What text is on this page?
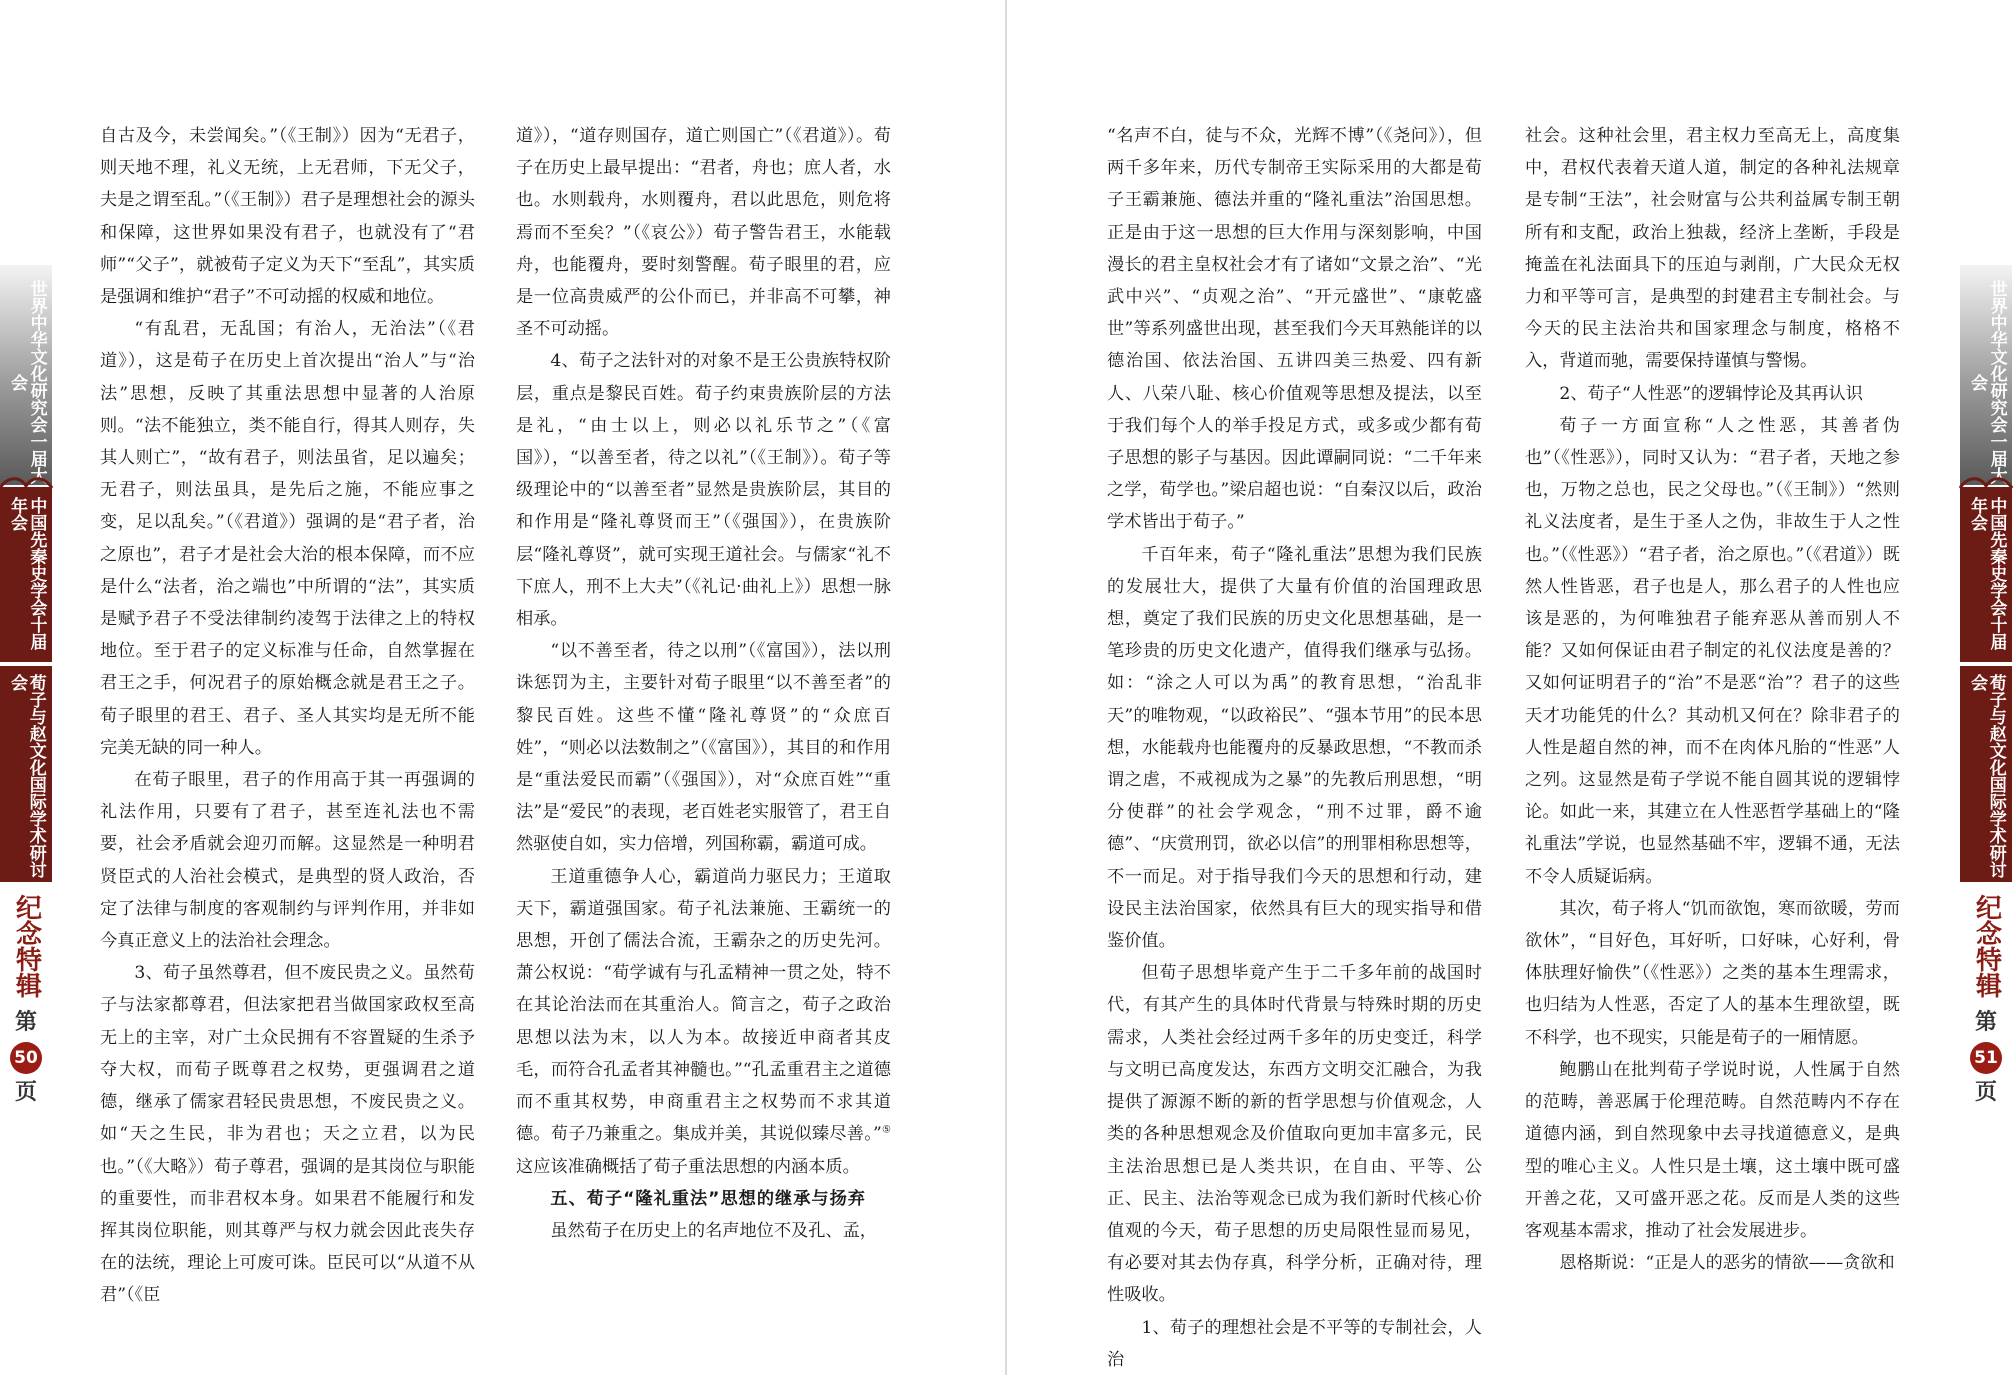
世界中华文化研究会一届大会
中国先秦史学会十届年会
荀子与赵文化国际学术研讨会
纪念特辑
第
50
页

自古及今，未尝闻矣。”（《王制》）因为“无君子，则天地不理，礼义无统，上无君师，下无父子，夫是之谓至乱。”（《王制》）君子是理想社会的源头和保障，这世界如果没有君子，也就没有了“君师”“父子”，就被荀子定义为天下“至乱”，其实质是强调和维护“君子”不可动摇的权威和地位。

“有乱君，无乱国；有治人，无治法”（《君道》），这是荀子在历史上首次提出“治人”与“治法”思想，反映了其重法思想中显著的人治原则。“法不能独立，类不能自行，得其人则存，失其人则亡”，“故有君子，则法虽省，足以遍矣；无君子，则法虽具，是先后之施，不能应事之变，足以乱矣。”（《君道》）强调的是“君子者，治之原也”，君子才是社会大治的根本保障，而不应是什么“法者，治之端也”中所谓的“法”，其实质是赋予君子不受法律制约凌驾于法律之上的特权地位。至于君子的定义标准与任命，自然掌握在君王之手，何况君子的原始概念就是君王之子。荀子眼里的君王、君子、圣人其实均是无所不能完美无缺的同一种人。

在荀子眼里，君子的作用高于其一再强调的礼法作用，只要有了君子，甚至连礼法也不需要，社会矛盾就会迎刃而解。这显然是一种明君贤臣式的人治社会模式，是典型的贤人政治，否定了法律与制度的客观制约与评判作用，并非如今真正意义上的法治社会理念。

3、荀子虽然尊君，但不废民贵之义。虽然荀子与法家都尊君，但法家把君当做国家政权至高无上的主宰，对广土众民拥有不容置疑的生杀予夺大权，而荀子既尊君之权势，更强调君之道德，继承了儒家君轻民贵思想，不废民贵之义。如“天之生民，非为君也；天之立君，以为民也。”（《大略》）荀子尊君，强调的是其岗位与职能的重要性，而非君权本身。如果君不能履行和发挥其岗位职能，则其尊严与权力就会因此丧失存在的法统，理论上可废可诛。臣民可以“从道不从君”（《臣

道》），“道存则国存，道亡则国亡”（《君道》）。荀子在历史上最早提出：“君者，舟也；庶人者，水也。水则载舟，水则覆舟，君以此思危，则危将焉而不至矣？”（《哀公》）荀子警告君王，水能载舟，也能覆舟，要时刻警醒。荀子眼里的君，应是一位高贵威严的公仆而已，并非高不可攀，神圣不可动摇。

4、荀子之法针对的对象不是王公贵族特权阶层，重点是黎民百姓。荀子约束贵族阶层的方法是礼，“由士以上，则必以礼乐节之”（《富国》），“以善至者，待之以礼”（《王制》）。荀子等级理论中的“以善至者”显然是贵族阶层，其目的和作用是“隆礼尊贤而王”（《强国》），在贵族阶层“隆礼尊贤”，就可实现王道社会。与儒家“礼不下庶人，刑不上大夫”（《礼记·曲礼上》）思想一脉相承。

“以不善至者，待之以刑”（《富国》），法以刑诛惩罚为主，主要针对荀子眼里“以不善至者”的黎民百姓。这些不懂“隆礼尊贤”的“众庶百姓”，“则必以法数制之”（《富国》），其目的和作用是“重法爱民而霸”（《强国》），对“众庶百姓”“重法”是“爱民”的表现，老百姓老实服管了，君王自然驱使自如，实力倍增，列国称霸，霸道可成。

王道重德争人心，霸道尚力驱民力；王道取天下，霸道强国家。荀子礼法兼施、王霸统一的思想，开创了儒法合流，王霸杂之的历史先河。萧公权说：“荀学诚有与孔孟精神一贯之处，特不在其论治法而在其重治人。简言之，荀子之政治思想以法为末，以人为本。故接近申商者其皮毛，而符合孔孟者其神髓也。”“孔孟重君主之道德而不重其权势，申商重君主之权势而不求其道德。荀子乃兼重之。集成并美，其说似臻尽善。”⑤这应该准确概括了荀子重法思想的内涵本质。

五、荀子“隆礼重法”思想的继承与扬弃

虽然荀子在历史上的名声地位不及孔、孟，

“名声不白，徒与不众，光辉不博”（《尧问》），但两千多年来，历代专制帝王实际采用的大都是荀子王霸兼施、德法并重的“隆礼重法”治国思想。正是由于这一思想的巨大作用与深刻影响，中国漫长的君主皇权社会才有了诸如“文景之治”、“光武中兴”、“贞观之治”、“开元盛世”、“康乾盛世”等系列盛世出现，甚至我们今天耳熟能详的以德治国、依法治国、五讲四美三热爱、四有新人、八荣八耻、核心价值观等思想及提法，以至于我们每个人的举手投足方式，或多或少都有荀子思想的影子与基因。因此谭嗣同说：“二千年来之学，荀学也。”梁启超也说：“自秦汉以后，政治学术皆出于荀子。”

千百年来，荀子“隆礼重法”思想为我们民族的发展壮大，提供了大量有价值的治国理政思想，奠定了我们民族的历史文化思想基础，是一笔珍贵的历史文化遗产，值得我们继承与弘扬。如：“涂之人可以为禹”的教育思想，“治乱非天”的唯物观，“以政裕民”、“强本节用”的民本思想，水能载舟也能覆舟的反暴政思想，“不教而杀谓之虐，不戒视成为之暴”的先教后刑思想，“明分使群”的社会学观念，“刑不过罪，爵不逾德”、“庆赏刑罚，欲必以信”的刑罪相称思想等，不一而足。对于指导我们今天的思想和行动，建设民主法治国家，依然具有巨大的现实指导和借鉴价值。

但荀子思想毕竟产生于二千多年前的战国时代，有其产生的具体时代背景与特殊时期的历史需求，人类社会经过两千多年的历史变迁，科学与文明已高度发达，东西方文明交汇融合，为我提供了源源不断的新的哲学思想与价值观念，人类的各种思想观念及价值取向更加丰富多元，民主法治思想已是人类共识，在自由、平等、公正、民主、法治等观念已成为我们新时代核心价值观的今天，荀子思想的历史局限性显而易见，有必要对其去伪存真，科学分析，正确对待，理性吸收。

1、荀子的理想社会是不平等的专制社会，人治

社会。这种社会里，君主权力至高无上，高度集中，君权代表着天道人道，制定的各种礼法规章是专制“王法”，社会财富与公共利益属专制王朝所有和支配，政治上独裁，经济上垄断，手段是掩盖在礼法面具下的压迫与剥削，广大民众无权力和平等可言，是典型的封建君主专制社会。与今天的民主法治共和国家理念与制度，格格不入，背道而驰，需要保持谨慎与警惕。

2、荀子“人性恶”的逻辑悖论及其再认识

荀子一方面宣称“人之性恶，其善者伪也”（《性恶》），同时又认为：“君子者，天地之参也，万物之总也，民之父母也。”（《王制》）“然则礼义法度者，是生于圣人之伪，非故生于人之性也。”（《性恶》）“君子者，治之原也。”（《君道》）既然人性皆恶，君子也是人，那么君子的人性也应该是恶的，为何唯独君子能弃恶从善而别人不能？又如何保证由君子制定的礼仪法度是善的？又如何证明君子的“治”不是恶“治”？君子的这些天才功能凭的什么？其动机又何在？除非君子的人性是超自然的神，而不在肉体凡胎的“性恶”人之列。这显然是荀子学说不能自圆其说的逻辑悖论。如此一来，其建立在人性恶哲学基础上的“隆礼重法”学说，也显然基础不牢，逻辑不通，无法不令人质疑诟病。

其次，荀子将人“饥而欲饱，寒而欲暖，劳而欲休”，“目好色，耳好听，口好味，心好利，骨体肤理好愉佚”（《性恶》）之类的基本生理需求，也归结为人性恶，否定了人的基本生理欲望，既不科学，也不现实，只能是荀子的一厢情愿。

鲍鹏山在批判荀子学说时说，人性属于自然的范畴，善恶属于伦理范畴。自然范畴内不存在道德内涵，到自然现象中去寻找道德意义，是典型的唯心主义。人性只是土壤，这土壤中既可盛开善之花，又可盛开恶之花。反而是人类的这些客观基本需求，推动了社会发展进步。

恩格斯说：“正是人的恶劣的情欲——贪欲和

世界中华文化研究会一届大会
中国先秦史学会十届年会
荀子与赵文化国际学术研讨会
纪念特辑
第
51
页
